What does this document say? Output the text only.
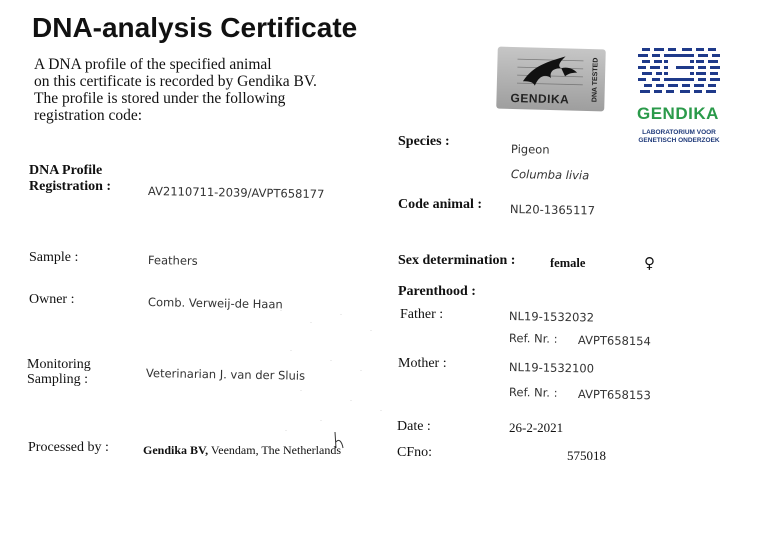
DNA-analysis Certificate
A DNA profile of the specified animal
on this certificate is recorded by Gendika BV.
The profile is stored under the following
registration code:
GENDIKA	DNA TESTED
GENDIKA
LABORATORIUM VOOR
GENETISCH ONDERZOEK
DNA Profile
Registration :	AV2110711-2039/AVPT658177
Sample :	Feathers
Owner :	Comb. Verweij-de Haan
Monitoring
Sampling :	Veterinarian J. van der Sluis
Processed by :	Gendika BV, Veendam, The Netherlands
Species :
Pigeon
Columba livia
Code animal : NL20-1365117
Sex determination :	female	♀
Parenthood :
Father :	NL19-1532032
Ref. Nr. : AVPT658154
Mother :	NL19-1532100
Ref. Nr. : AVPT658153
Date :	26-2-2021
CFno:	575018
